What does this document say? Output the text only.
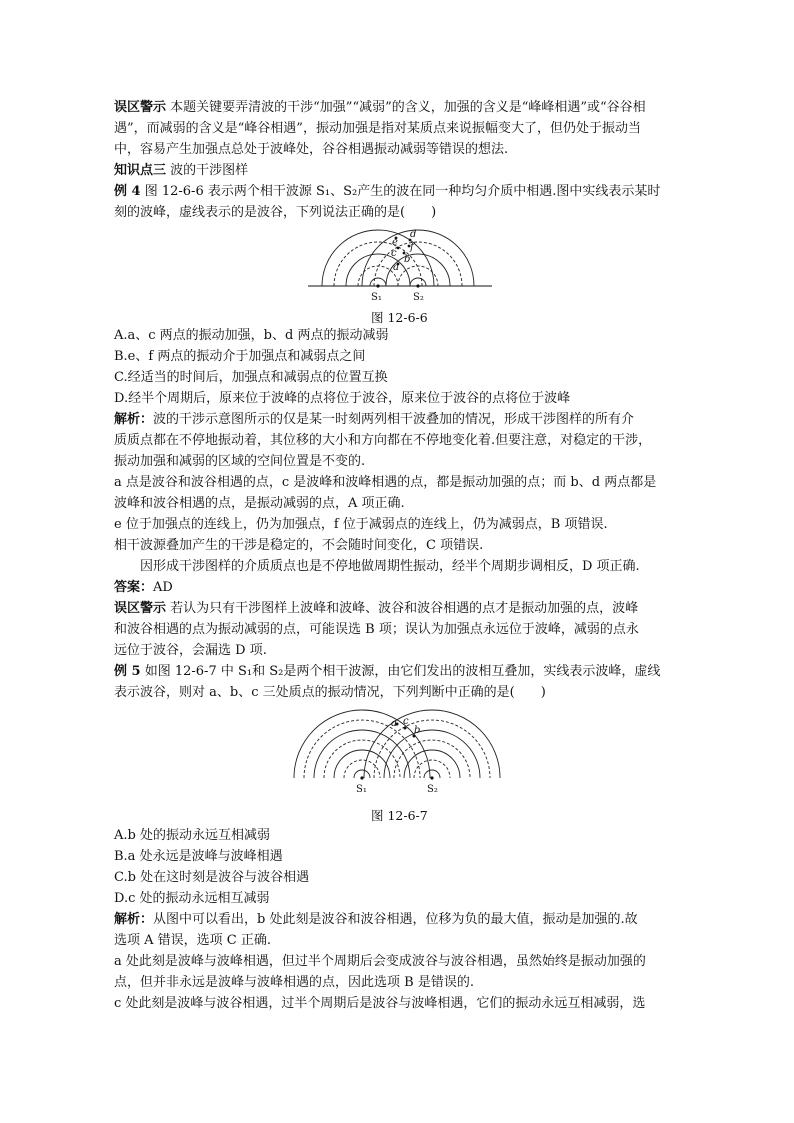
误区警示 本题关键要弄清波的干涉“加强”“减弱”的含义，加强的含义是“峰峰相遇”或“谷谷相
遇”，而减弱的含义是“峰谷相遇”，振动加强是指对某质点来说振幅变大了，但仍处于振动当
中，容易产生加强点总处于波峰处，谷谷相遇振动减弱等错误的想法.
知识点三 波的干涉图样
例 4 图 12-6-6 表示两个相干波源 S₁、S₂产生的波在同一种均匀介质中相遇.图中实线表示某时
刻的波峰，虚线表示的是波谷，下列说法正确的是(　　)
a
b
c
d
e f
S₁	S₂
图 12-6-6
A.a、c 两点的振动加强，b、d 两点的振动减弱
B.e、f 两点的振动介于加强点和减弱点之间
C.经适当的时间后，加强点和减弱点的位置互换
D.经半个周期后，原来位于波峰的点将位于波谷，原来位于波谷的点将位于波峰
解析：波的干涉示意图所示的仅是某一时刻两列相干波叠加的情况，形成干涉图样的所有介
质质点都在不停地振动着，其位移的大小和方向都在不停地变化着.但要注意，对稳定的干涉，
振动加强和减弱的区域的空间位置是不变的.
a 点是波谷和波谷相遇的点，c 是波峰和波峰相遇的点，都是振动加强的点；而 b、d 两点都是
波峰和波谷相遇的点，是振动减弱的点，A 项正确.
e 位于加强点的连线上，仍为加强点，f 位于减弱点的连线上，仍为减弱点，B 项错误.
相干波源叠加产生的干涉是稳定的，不会随时间变化，C 项错误.
　　因形成干涉图样的介质质点也是不停地做周期性振动，经半个周期步调相反，D 项正确.
答案：AD
误区警示 若认为只有干涉图样上波峰和波峰、波谷和波谷相遇的点才是振动加强的点，波峰
和波谷相遇的点为振动减弱的点，可能误选 B 项；误认为加强点永远位于波峰，减弱的点永
远位于波谷，会漏选 D 项.
例 5 如图 12-6-7 中 S₁和 S₂是两个相干波源，由它们发出的波相互叠加，实线表示波峰，虚线
表示波谷，则对 a、b、c 三处质点的振动情况，下列判断中正确的是(　　)
a c
b
S₁	S₂
图 12-6-7
A.b 处的振动永远互相减弱
B.a 处永远是波峰与波峰相遇
C.b 处在这时刻是波谷与波谷相遇
D.c 处的振动永远相互减弱
解析：从图中可以看出，b 处此刻是波谷和波谷相遇，位移为负的最大值，振动是加强的.故
选项 A 错误，选项 C 正确.
a 处此刻是波峰与波峰相遇，但过半个周期后会变成波谷与波谷相遇，虽然始终是振动加强的
点，但并非永远是波峰与波峰相遇的点，因此选项 B 是错误的.
c 处此刻是波峰与波谷相遇，过半个周期后是波谷与波峰相遇，它们的振动永远互相减弱，选
